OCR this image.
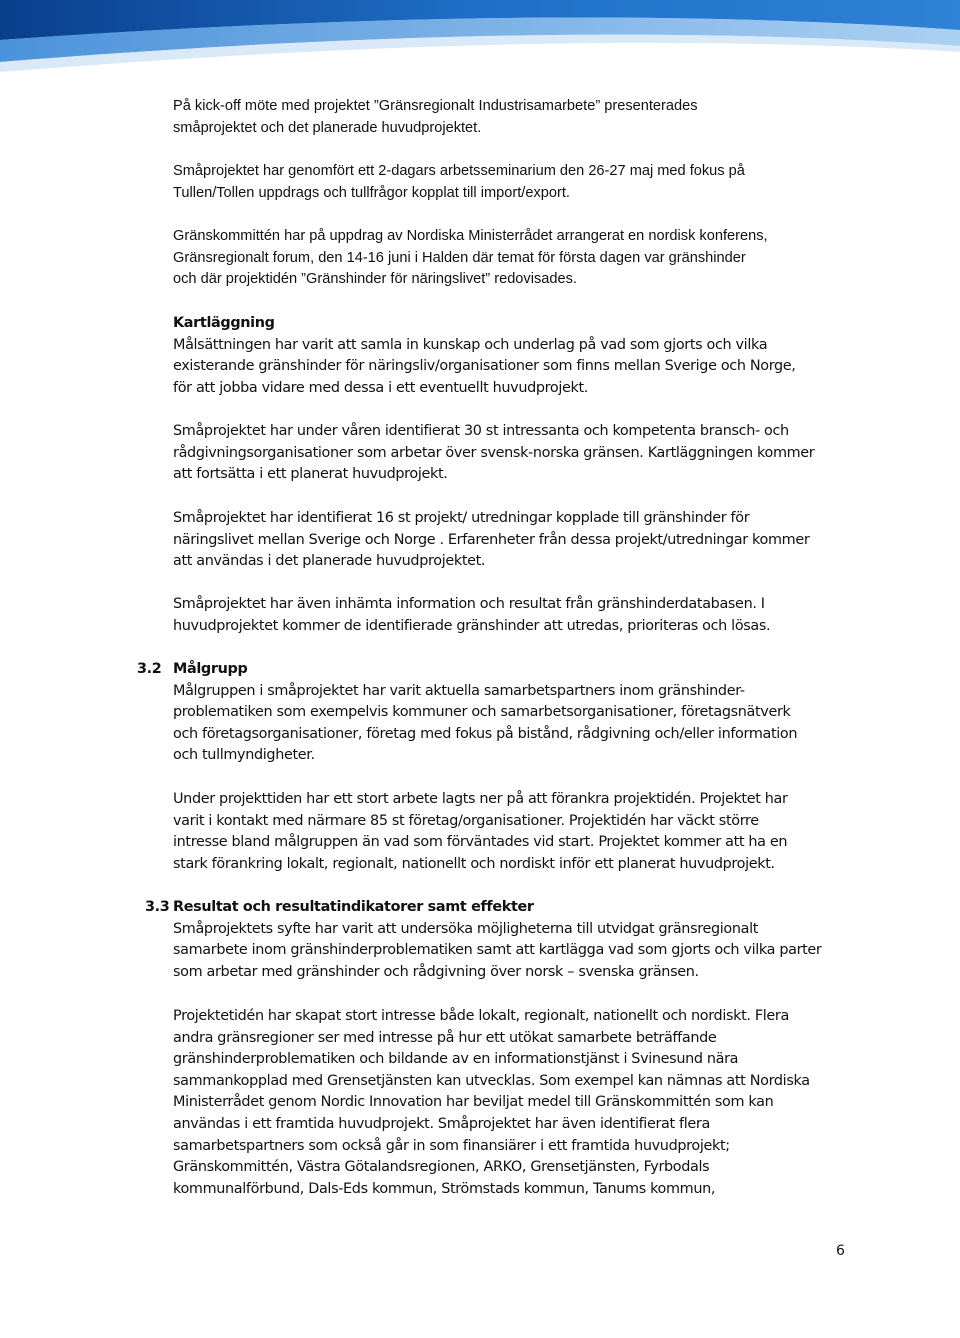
På kick-off möte med projektet ”Gränsregionalt Industrisamarbete” presenterades
småprojektet och det planerade huvudprojektet.
Småprojektet har genomfört ett 2-dagars arbetsseminarium den 26-27 maj med fokus på
Tullen/Tollen uppdrags och tullfrågor kopplat till import/export.
Gränskommittén har på uppdrag av Nordiska Ministerrådet arrangerat en nordisk konferens,
Gränsregionalt forum, den 14-16 juni i Halden där temat för första dagen var gränshinder
och där projektidén ”Gränshinder för näringslivet” redovisades.
Kartläggning
Målsättningen har varit att samla in kunskap och underlag på vad som gjorts och vilka
existerande gränshinder för näringsliv/organisationer som finns mellan Sverige och Norge,
för att jobba vidare med dessa i ett eventuellt huvudprojekt.
Småprojektet har under våren identifierat 30 st intressanta och kompetenta bransch- och
rådgivningsorganisationer som arbetar över svensk-norska gränsen. Kartläggningen kommer
att fortsätta i ett planerat huvudprojekt.
Småprojektet har identifierat 16 st projekt/ utredningar kopplade till gränshinder för
näringslivet mellan Sverige och Norge . Erfarenheter från dessa projekt/utredningar kommer
att användas i det planerade huvudprojektet.
Småprojektet har även inhämta information och resultat från gränshinderdatabasen. I
huvudprojektet kommer de identifierade gränshinder att utredas, prioriteras och lösas.
3.2 Målgrupp
Målgruppen i småprojektet har varit aktuella samarbetspartners inom gränshinder-
problematiken som exempelvis kommuner och samarbetsorganisationer, företagsnätverk
och företagsorganisationer, företag med fokus på bistånd, rådgivning och/eller information
och tullmyndigheter.
Under projekttiden har ett stort arbete lagts ner på att förankra projektidén. Projektet har
varit i kontakt med närmare 85 st företag/organisationer. Projektidén har väckt större
intresse bland målgruppen än vad som förväntades vid start. Projektet kommer att ha en
stark förankring lokalt, regionalt, nationellt och nordiskt inför ett planerat huvudprojekt.
3.3 Resultat och resultatindikatorer samt effekter
Småprojektets syfte har varit att undersöka möjligheterna till utvidgat gränsregionalt
samarbete inom gränshinderproblematiken samt att kartlägga vad som gjorts och vilka parter
som arbetar med gränshinder och rådgivning över norsk – svenska gränsen.
Projektetidén har skapat stort intresse både lokalt, regionalt, nationellt och nordiskt. Flera
andra gränsregioner ser med intresse på hur ett utökat samarbete beträffande
gränshinderproblematiken och bildande av en informationstjänst i Svinesund nära
sammankopplad med Grensetjänsten kan utvecklas. Som exempel kan nämnas att Nordiska
Ministerrådet genom Nordic Innovation har beviljat medel till Gränskommittén som kan
användas i ett framtida huvudprojekt. Småprojektet har även identifierat flera
samarbetspartners som också går in som finansiärer i ett framtida huvudprojekt;
Gränskommittén, Västra Götalandsregionen, ARKO, Grensetjänsten, Fyrbodals
kommunalförbund, Dals-Eds kommun, Strömstads kommun, Tanums kommun,
6
